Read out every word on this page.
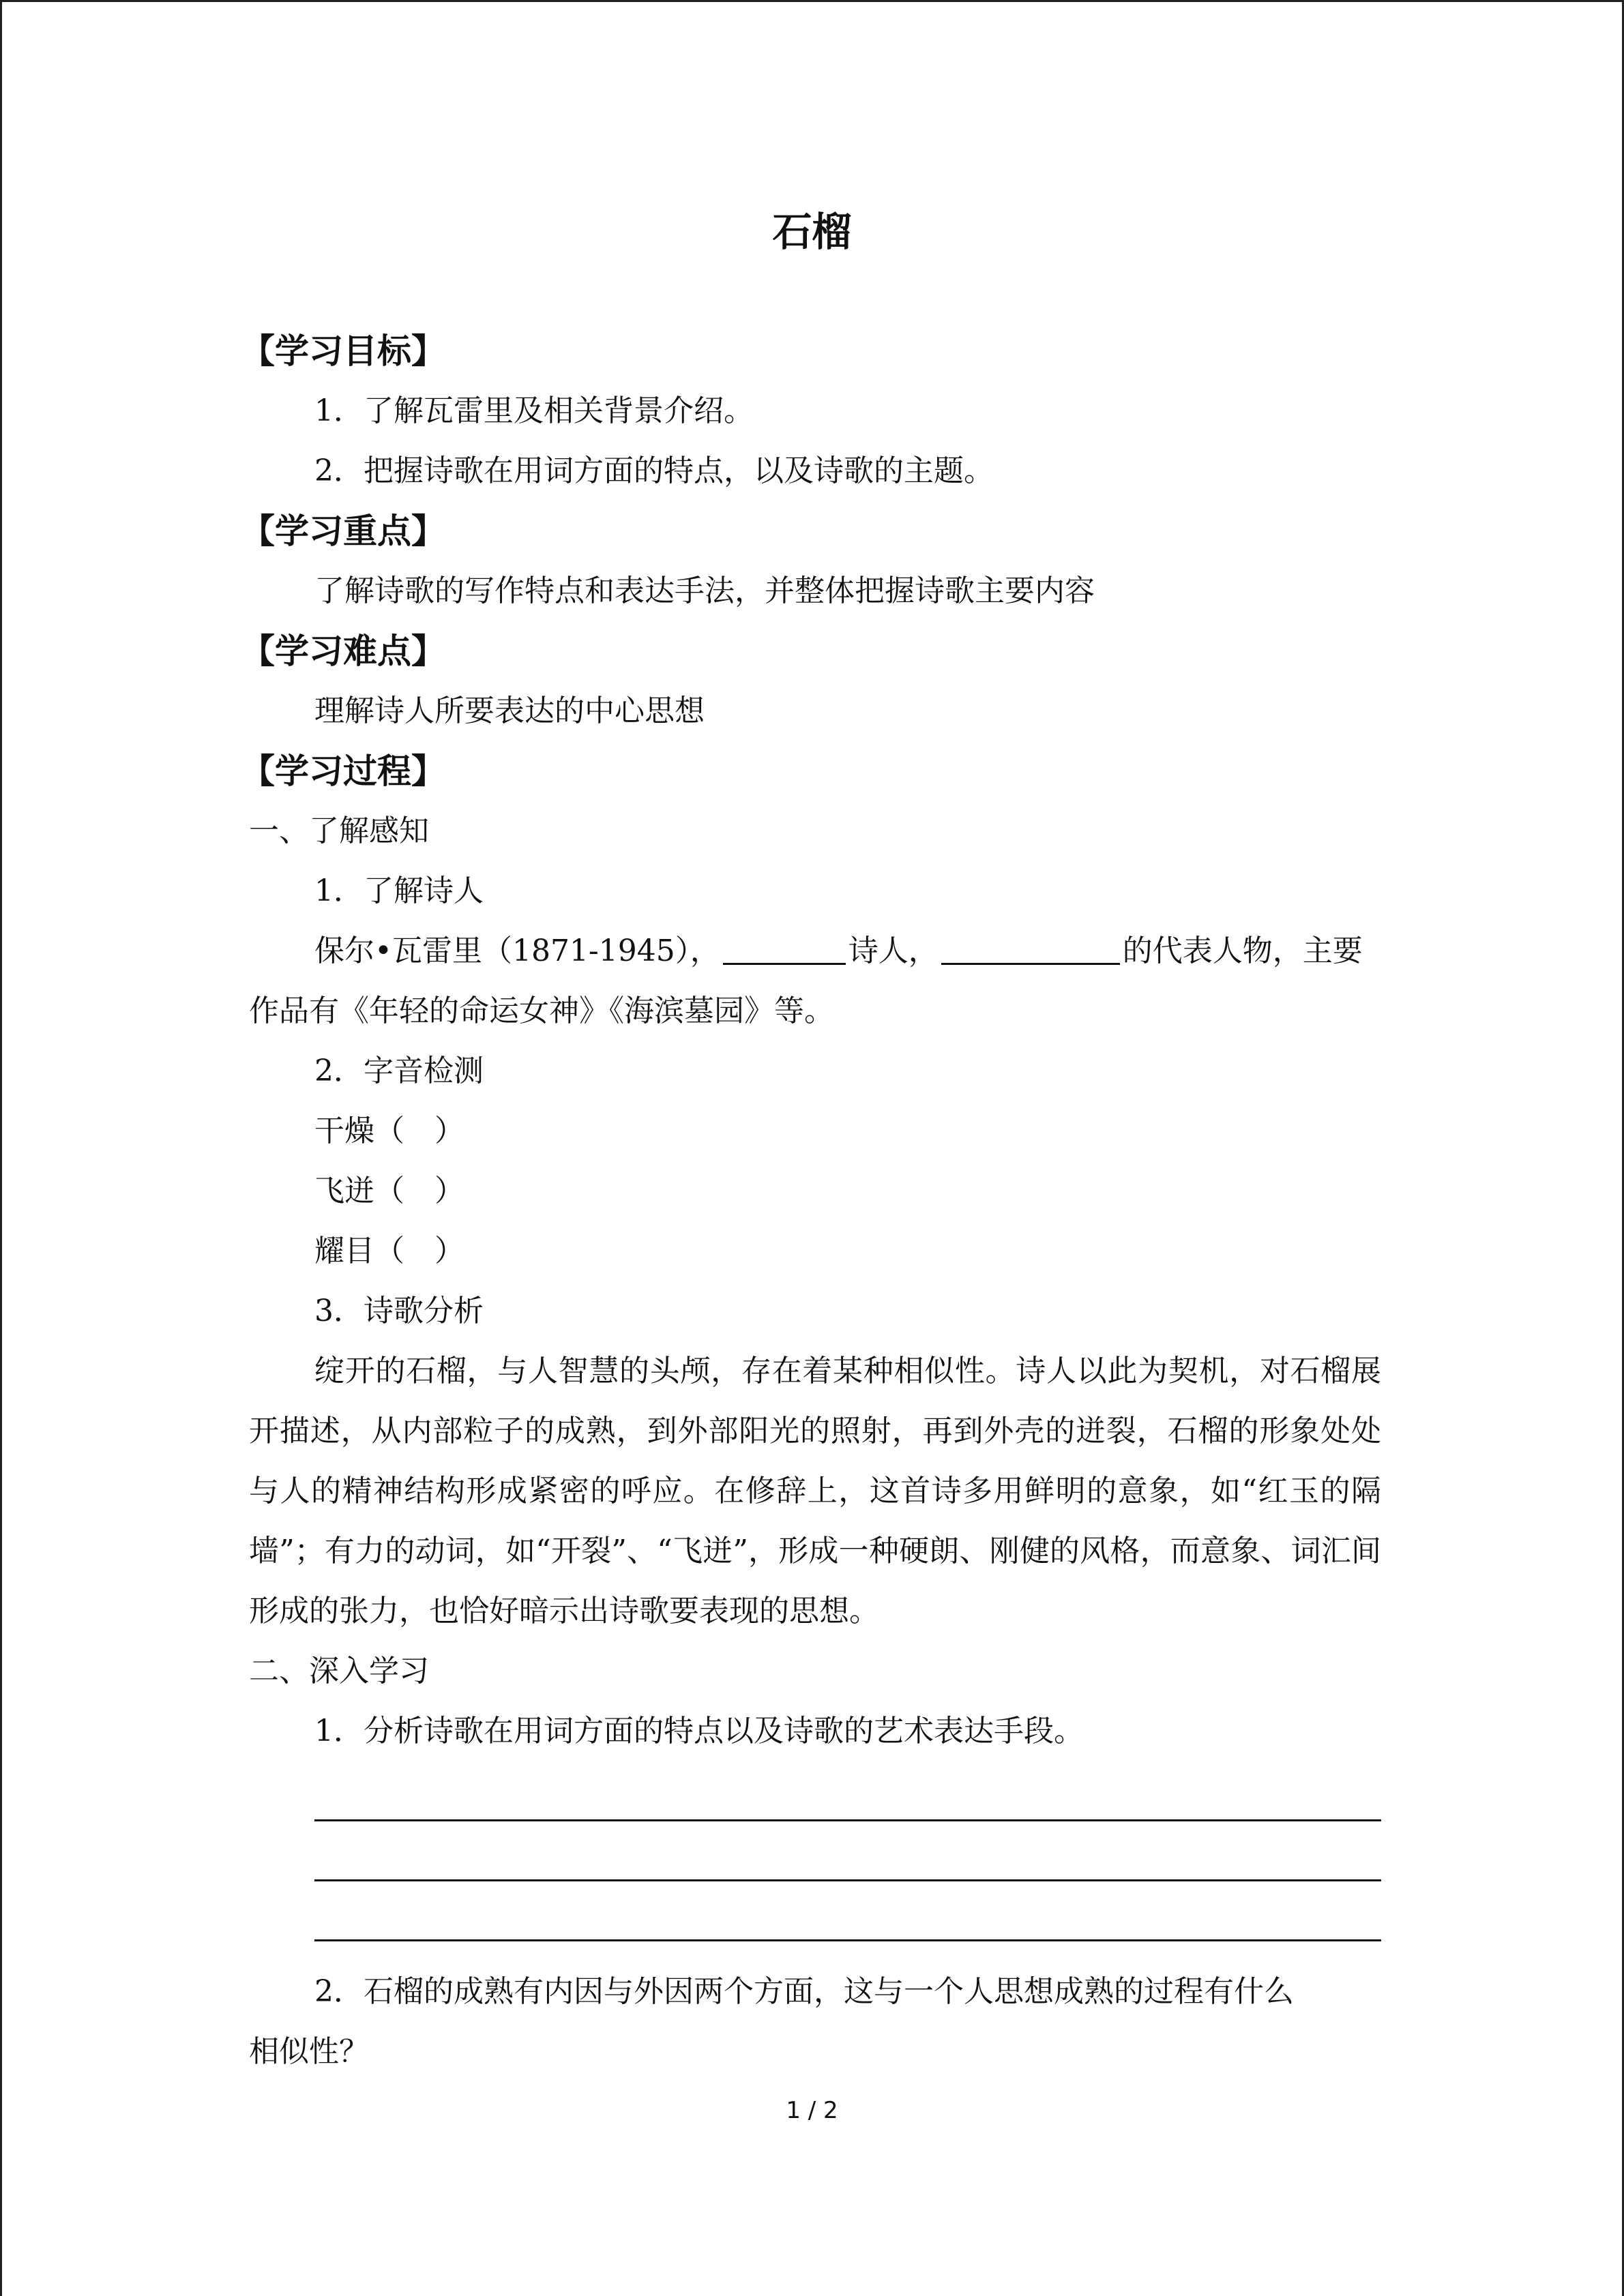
石榴
【学习目标】
1．了解瓦雷里及相关背景介绍。
2．把握诗歌在用词方面的特点，以及诗歌的主题。
【学习重点】
了解诗歌的写作特点和表达手法，并整体把握诗歌主要内容
【学习难点】
理解诗人所要表达的中心思想
【学习过程】
一、了解感知
1．了解诗人
保尔•瓦雷里（1871-1945），	诗人，	的代表人物，主要
作品有《年轻的命运女神》《海滨墓园》等。
2．字音检测
干燥（　）
飞迸（　）
耀目（　）
3．诗歌分析
绽开的石榴，与人智慧的头颅，存在着某种相似性。诗人以此为契机，对石榴展开描述，从内部粒子的成熟，到外部阳光的照射，再到外壳的迸裂，石榴的形象处处与人的精神结构形成紧密的呼应。在修辞上，这首诗多用鲜明的意象，如“红玉的隔墙”；有力的动词，如“开裂”、“飞迸”，形成一种硬朗、刚健的风格，而意象、词汇间形成的张力，也恰好暗示出诗歌要表现的思想。
二、深入学习
1．分析诗歌在用词方面的特点以及诗歌的艺术表达手段。
2．石榴的成熟有内因与外因两个方面，这与一个人思想成熟的过程有什么
相似性？
1 / 2
